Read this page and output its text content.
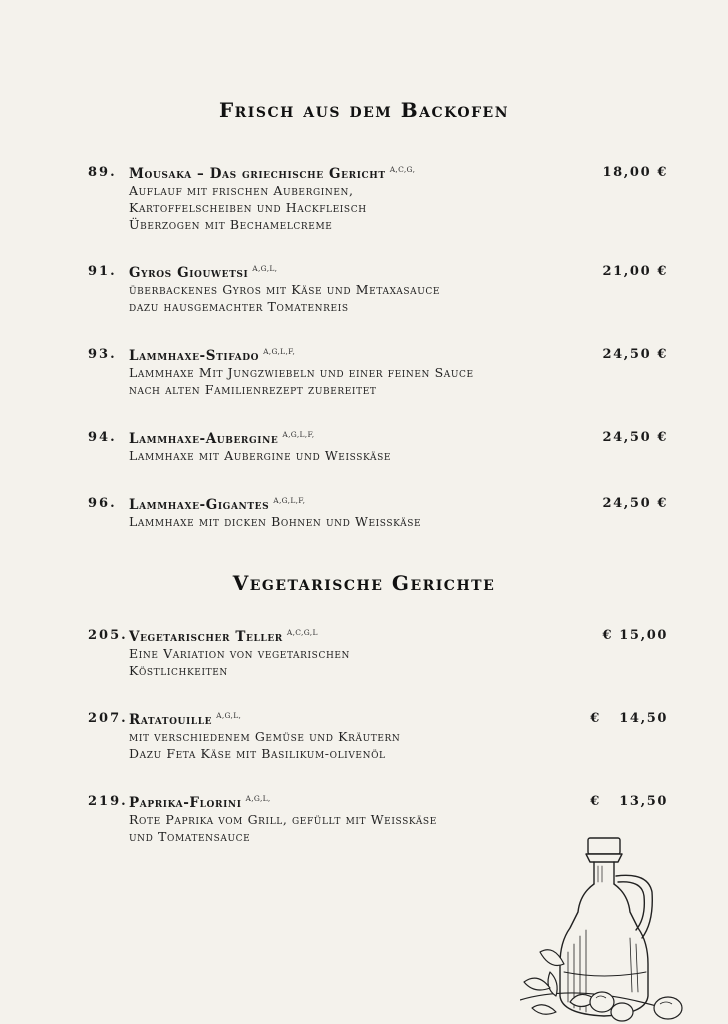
Frisch aus dem Backofen
89. Mousaka – Das griechische Gericht $^{A,C,G,}$	18,00 €
Auflauf mit frischen Auberginen,
Kartoffelscheiben und Hackfleisch
Überzogen mit Bechamelcreme
91. Gyros Giouwetsi $^{A,G,L,}$	21,00 €
überbackenes Gyros mit Käse und Metaxasauce
dazu hausgemachter Tomatenreis
93. Lammhaxe-Stifado $^{A,G,L,F,}$	24,50 €
Lammhaxe Mit Jungzwiebeln und einer feinen Sauce
nach alten Familienrezept zubereitet
94. Lammhaxe-Aubergine $^{A,G,L,F,}$	24,50 €
Lammhaxe mit Aubergine und Weisskäse
96. Lammhaxe-Gigantes $^{A,G,L,F,}$	24,50 €
Lammhaxe mit dicken Bohnen und Weisskäse
Vegetarische Gerichte
205. Vegetarischer Teller $^{A,C,G,L}$	€ 15,00
Eine Variation von vegetarischen
Köstlichkeiten
207. Ratatouille $^{A,G,L,}$	€   14,50
mit verschiedenem Gemüse und Kräutern
Dazu Feta Käse mit Basilikum-olivenöl
219. Paprika-Florini $^{A,G,L,}$	€   13,50
Rote Paprika vom Grill, gefüllt mit Weisskäse
und Tomatensauce
